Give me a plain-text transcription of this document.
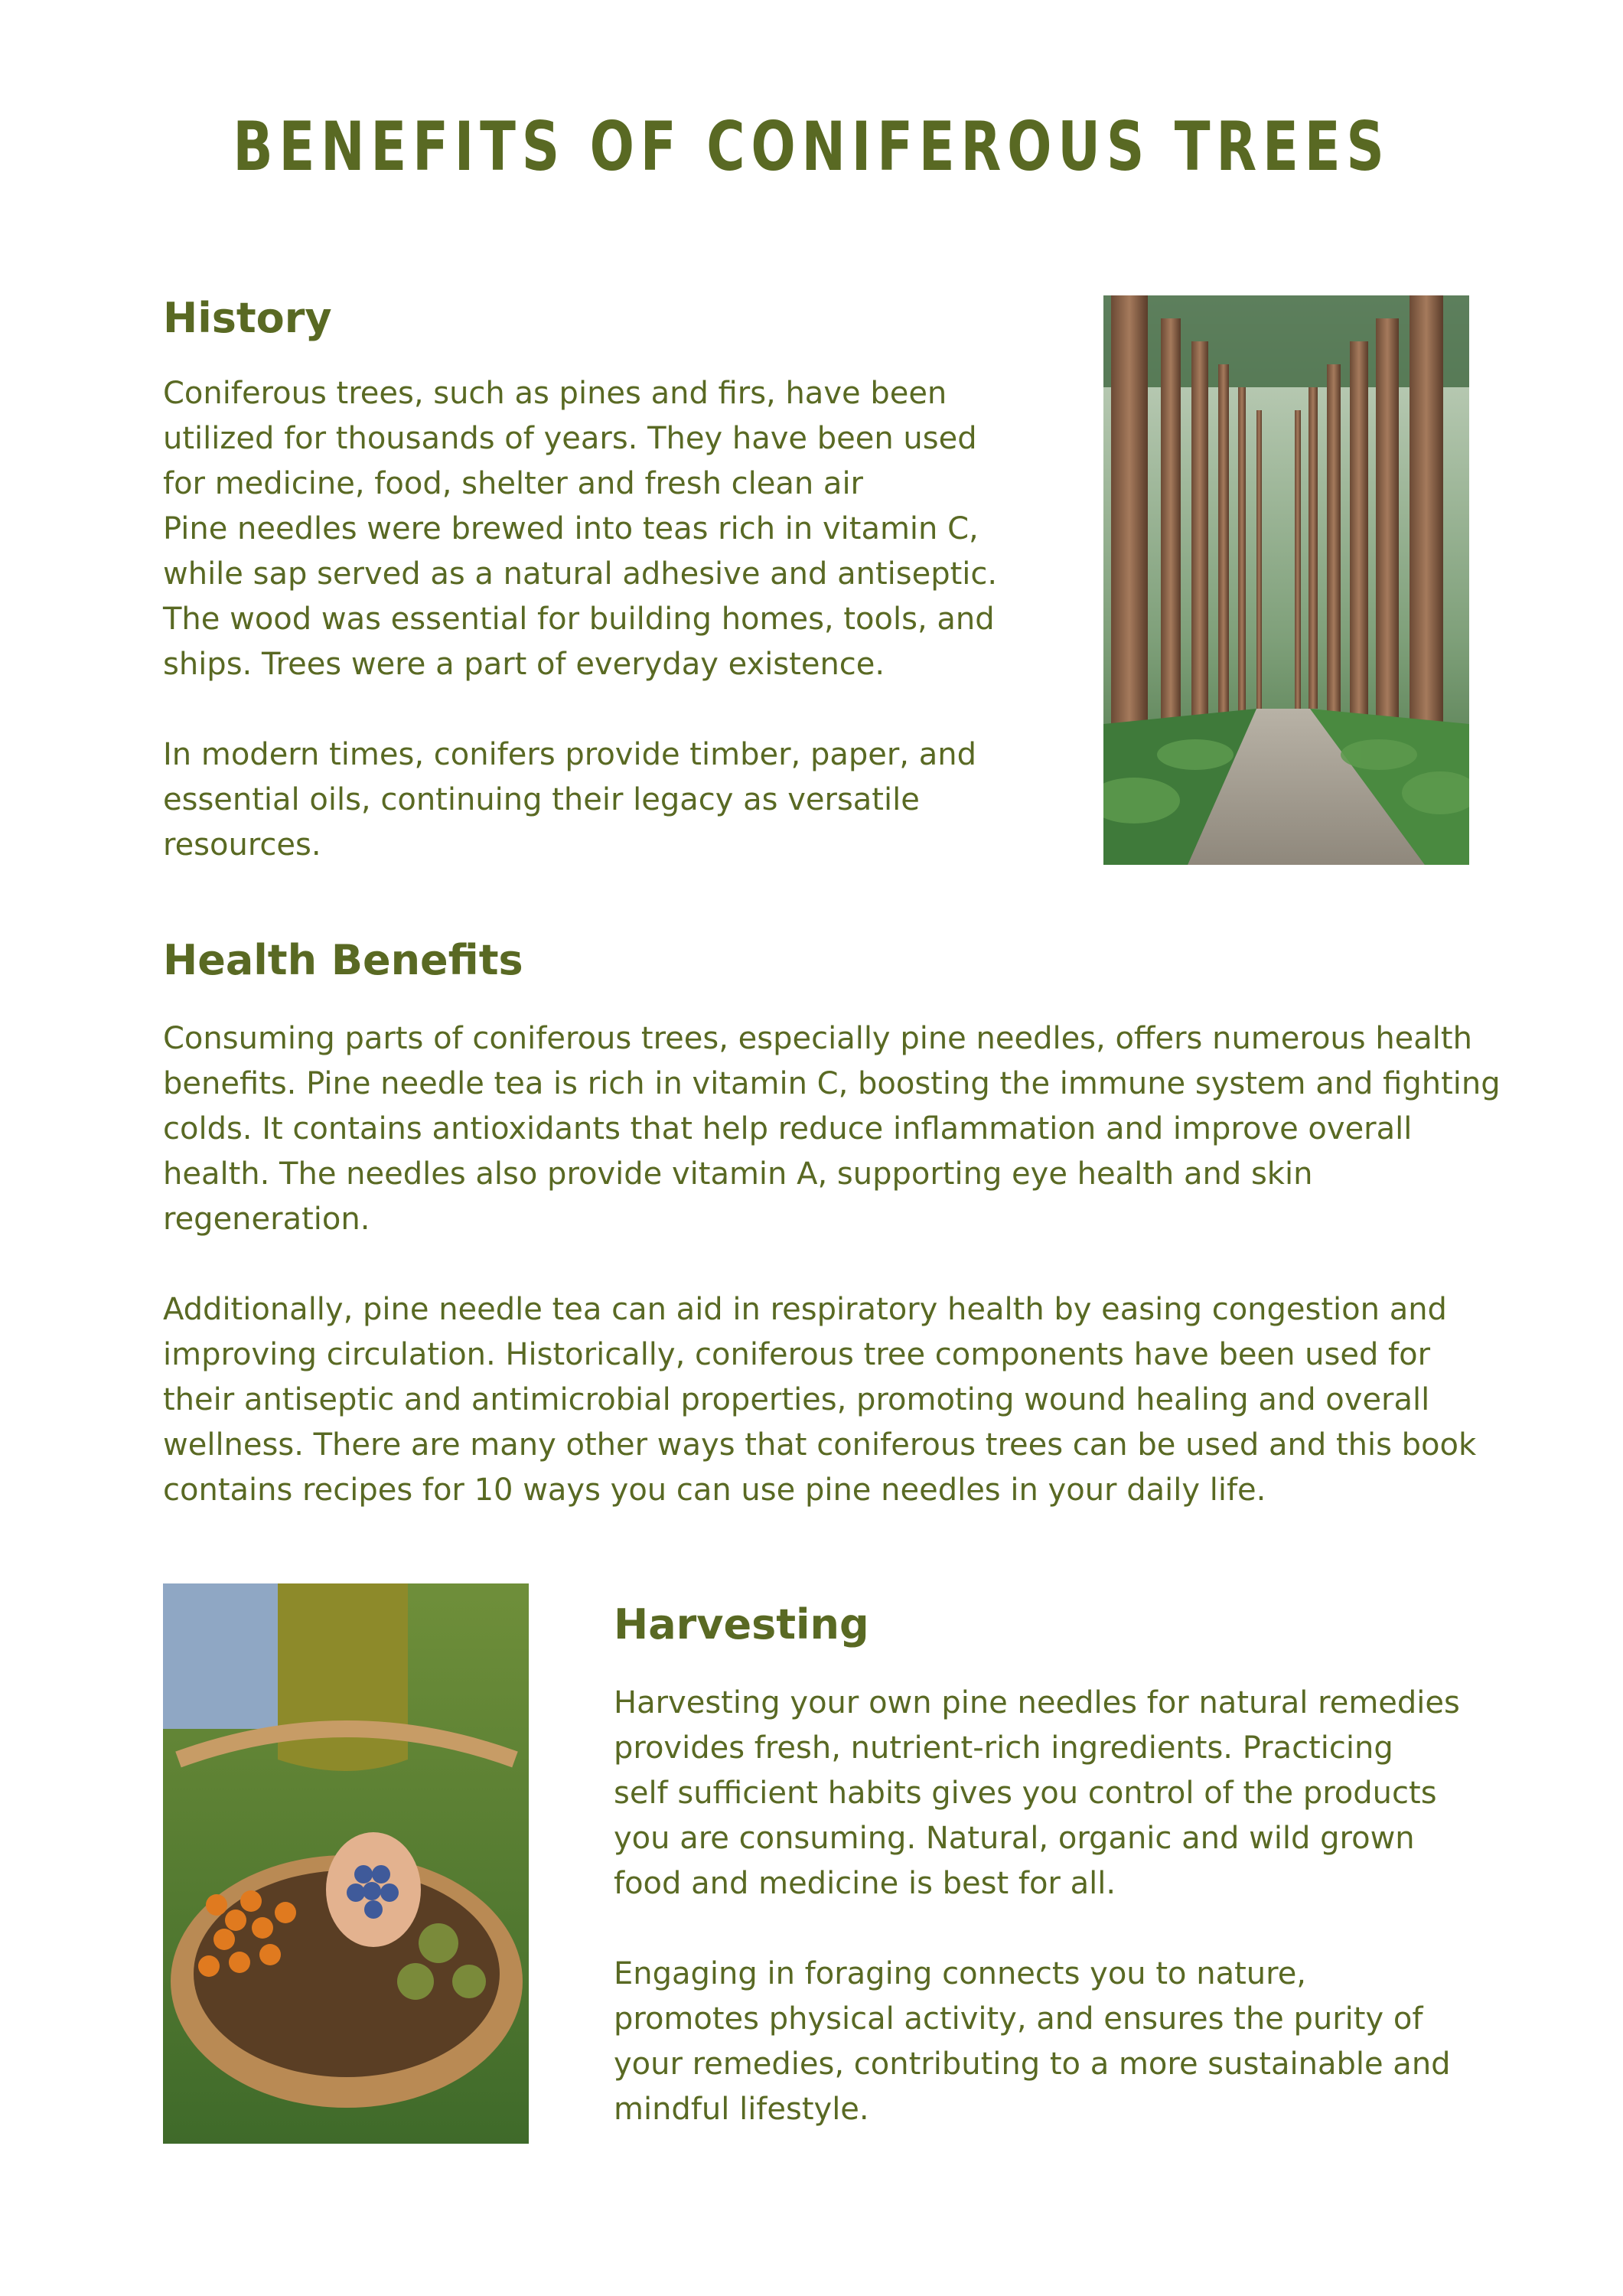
BENEFITS OF CONIFEROUS TREES
History

Coniferous trees, such as pines and firs, have been
utilized for thousands of years. They have been used
for medicine, food, shelter and fresh clean air
Pine needles were brewed into teas rich in vitamin C,
while sap served as a natural adhesive and antiseptic.
The wood was essential for building homes, tools, and
ships. Trees were a part of everyday existence.

In modern times, conifers provide timber, paper, and
essential oils, continuing their legacy as versatile
resources.

Health Benefits

Consuming parts of coniferous trees, especially pine needles, offers numerous health
benefits. Pine needle tea is rich in vitamin C, boosting the immune system and fighting
colds. It contains antioxidants that help reduce inflammation and improve overall
health. The needles also provide vitamin A, supporting eye health and skin
regeneration.

Additionally, pine needle tea can aid in respiratory health by easing congestion and
improving circulation. Historically, coniferous tree components have been used for
their antiseptic and antimicrobial properties, promoting wound healing and overall
wellness. There are many other ways that coniferous trees can be used and this book
contains recipes for 10 ways you can use pine needles in your daily life.

Harvesting

Harvesting your own pine needles for natural remedies
provides fresh, nutrient-rich ingredients. Practicing
self sufficient habits gives you control of the products
you are consuming. Natural, organic and wild grown
food and medicine is best for all.

Engaging in foraging connects you to nature,
promotes physical activity, and ensures the purity of
your remedies, contributing to a more sustainable and
mindful lifestyle.
